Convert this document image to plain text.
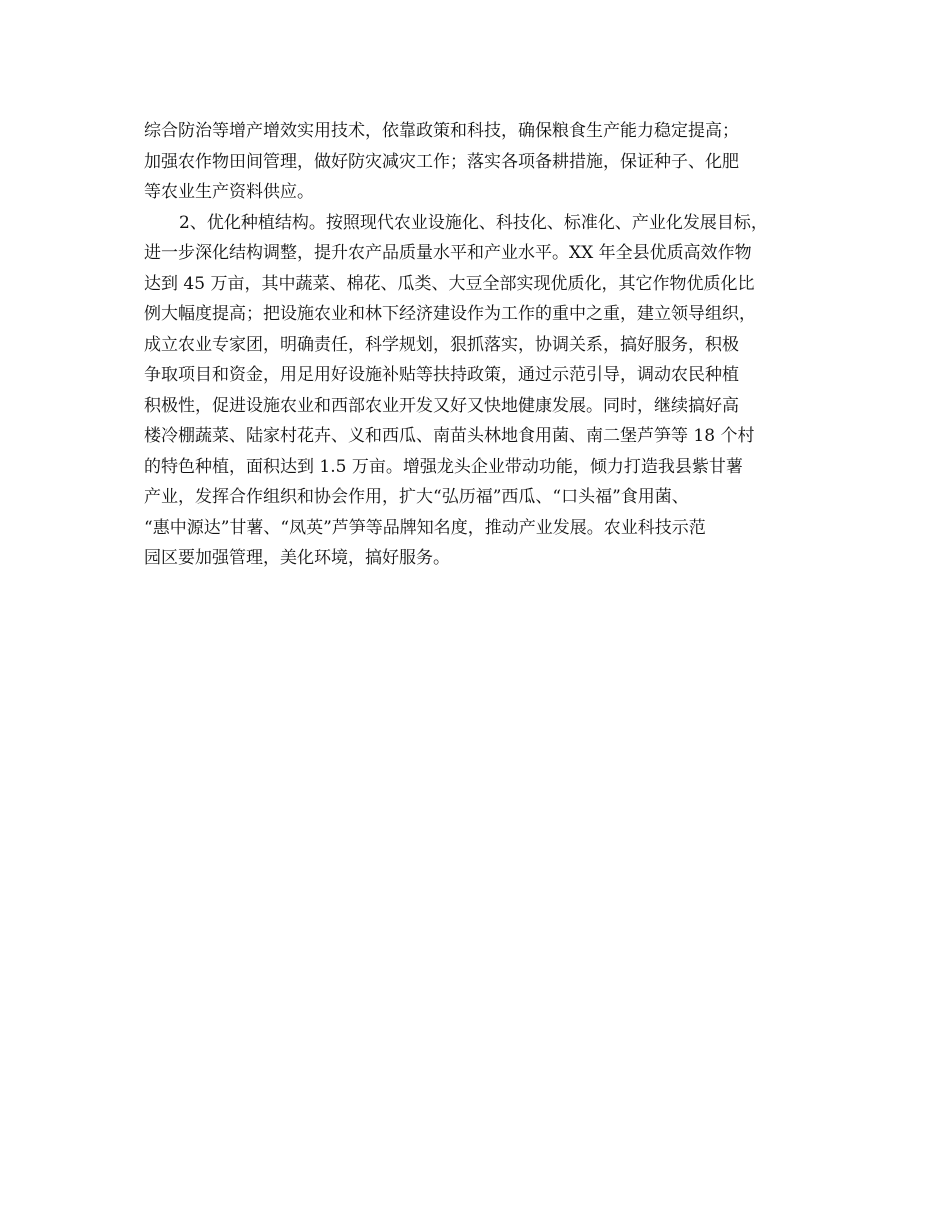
综合防治等增产增效实用技术，依靠政策和科技，确保粮食生产能力稳定提高；
加强农作物田间管理，做好防灾减灾工作；落实各项备耕措施，保证种子、化肥
等农业生产资料供应。
2、优化种植结构。按照现代农业设施化、科技化、标准化、产业化发展目标，
进一步深化结构调整，提升农产品质量水平和产业水平。XX 年全县优质高效作物
达到 45 万亩，其中蔬菜、棉花、瓜类、大豆全部实现优质化，其它作物优质化比
例大幅度提高；把设施农业和林下经济建设作为工作的重中之重，建立领导组织，
成立农业专家团，明确责任，科学规划，狠抓落实，协调关系，搞好服务，积极
争取项目和资金，用足用好设施补贴等扶持政策，通过示范引导，调动农民种植
积极性，促进设施农业和西部农业开发又好又快地健康发展。同时，继续搞好高
楼冷棚蔬菜、陆家村花卉、义和西瓜、南苗头林地食用菌、南二堡芦笋等 18 个村
的特色种植，面积达到 1.5 万亩。增强龙头企业带动功能，倾力打造我县紫甘薯
产业，发挥合作组织和协会作用，扩大“弘历福”西瓜、“口头福”食用菌、
“惠中源达”甘薯、“凤英”芦笋等品牌知名度，推动产业发展。农业科技示范
园区要加强管理，美化环境，搞好服务。
